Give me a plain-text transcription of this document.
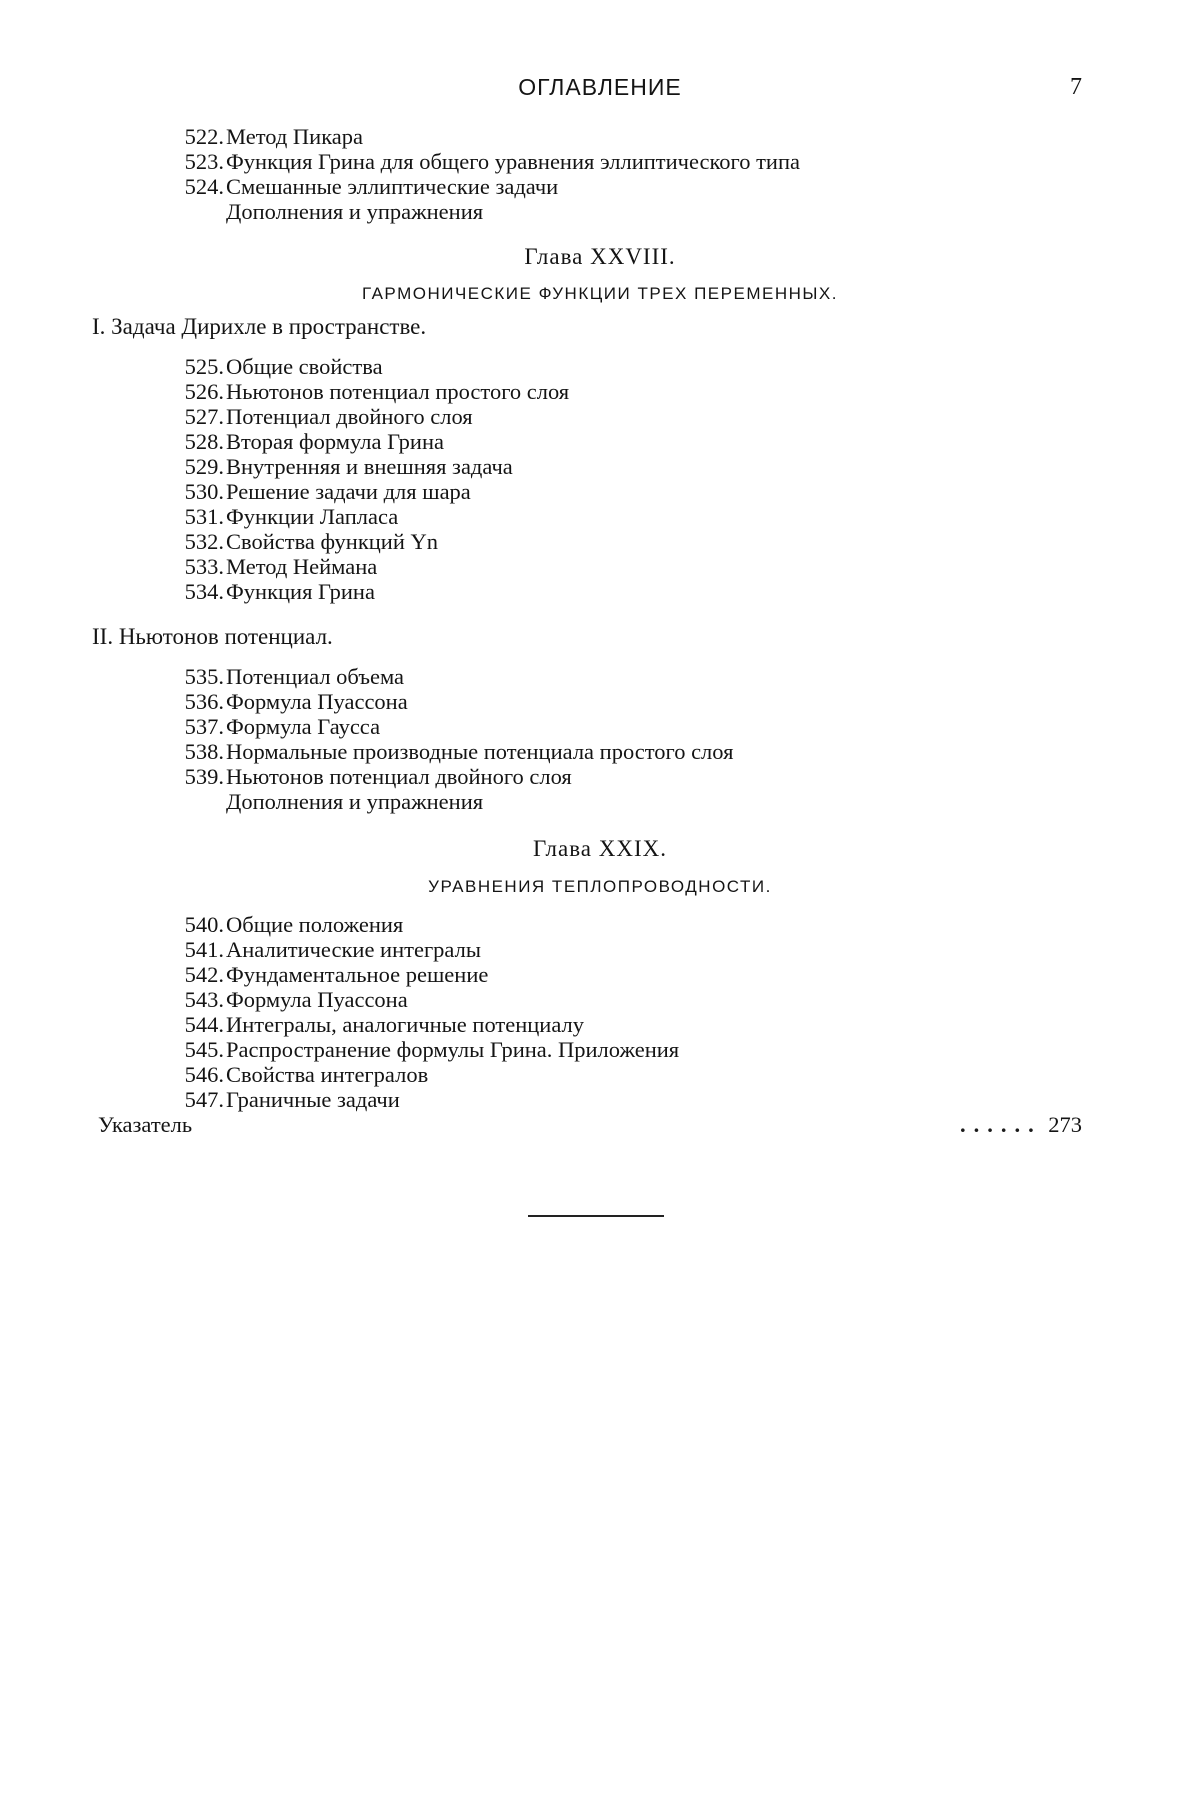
ОГЛАВЛЕНИЕ	7
522. Метод Пикара
523. Функция Грина для общего уравнения эллиптического типа
524. Смешанные эллиптические задачи
Дополнения и упражнения
Глава XXVIII.
ГАРМОНИЧЕСКИЕ ФУНКЦИИ ТРЕХ ПЕРЕМЕННЫХ.
I. Задача Дирихле в пространстве.
525. Общие свойства
526. Ньютонов потенциал простого слоя
527. Потенциал двойного слоя
528. Вторая формула Грина
529. Внутренняя и внешняя задача
530. Решение задачи для шара
531. Функции Лапласа
532. Свойства функций Yn
533. Метод Неймана
534. Функция Грина
II. Ньютонов потенциал.
535. Потенциал объема
536. Формула Пуассона
537. Формула Гаусса
538. Нормальные производные потенциала простого слоя
539. Ньютонов потенциал двойного слоя
Дополнения и упражнения
Глава XXIX.
УРАВНЕНИЯ ТЕПЛОПРОВОДНОСТИ.
540. Общие положения
541. Аналитические интегралы
542. Фундаментальное решение
543. Формула Пуассона
544. Интегралы, аналогичные потенциалу
545. Распространение формулы Грина. Приложения
546. Свойства интегралов
547. Граничные задачи
Указатель	..... 273
